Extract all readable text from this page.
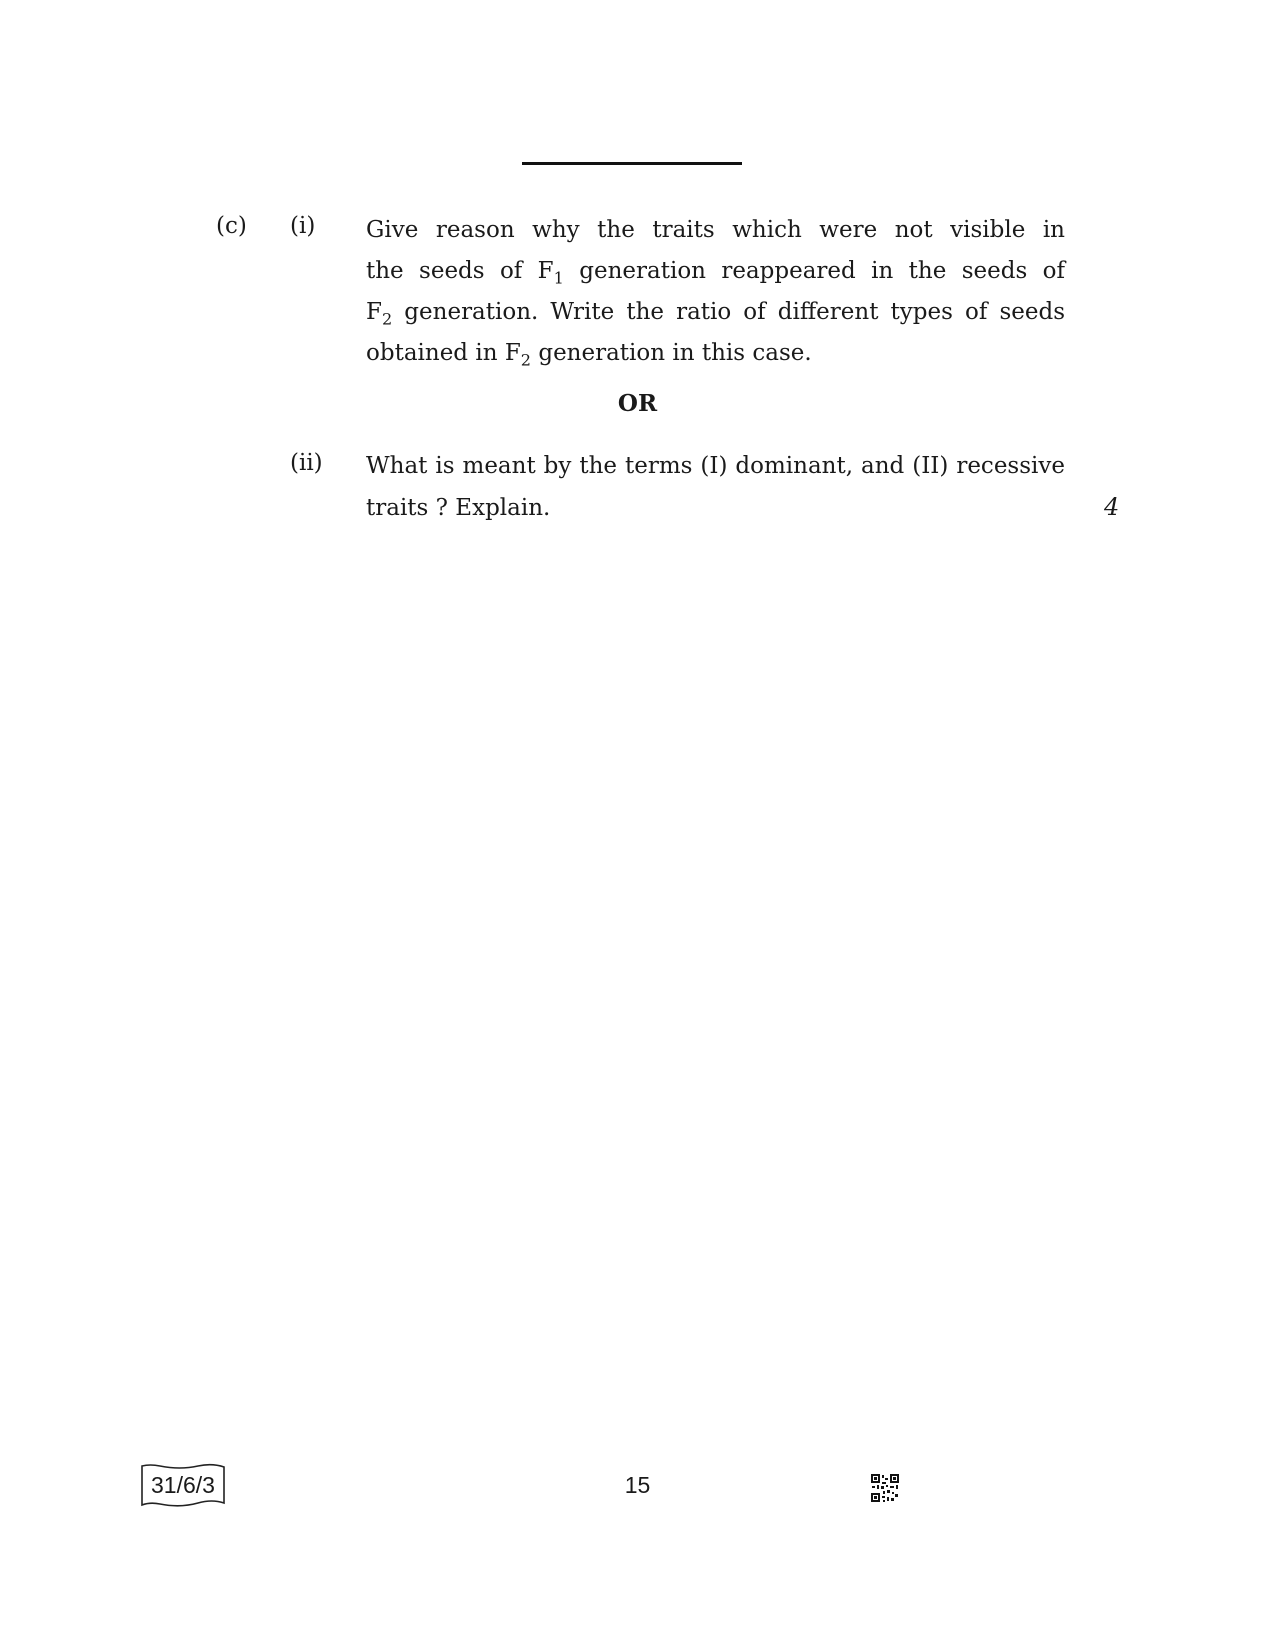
(c) (i) Give reason why the traits which were not visible in
the seeds of $F_1$ generation reappeared in the seeds of
$F_2$ generation. Write the ratio of different types of seeds
obtained in $F_2$ generation in this case.
OR
(ii) What is meant by the terms (I) dominant, and (II) recessive
traits ? Explain.	4
31/6/3	15
